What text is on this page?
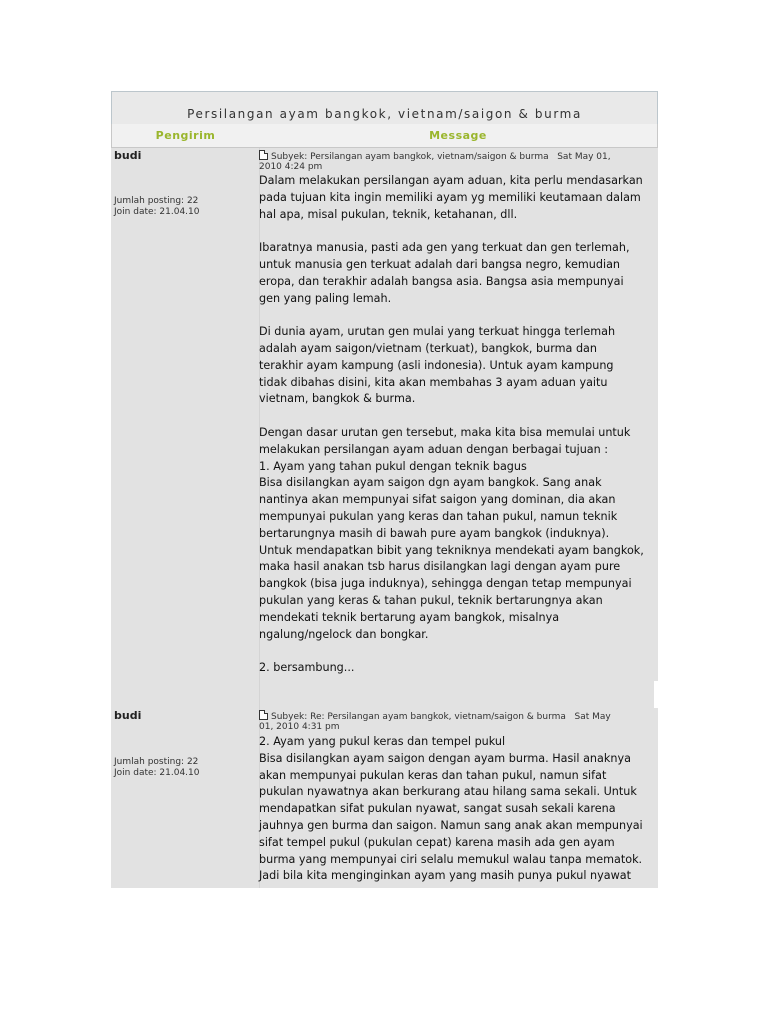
Persilangan ayam bangkok, vietnam/saigon & burma
Pengirim	Message
budi
Jumlah posting: 22
Join date: 21.04.10
Subyek: Persilangan ayam bangkok, vietnam/saigon & burma Sat May 01,
2010 4:24 pm

Dalam melakukan persilangan ayam aduan, kita perlu mendasarkan
pada tujuan kita ingin memiliki ayam yg memiliki keutamaan dalam
hal apa, misal pukulan, teknik, ketahanan, dll.

Ibaratnya manusia, pasti ada gen yang terkuat dan gen terlemah,
untuk manusia gen terkuat adalah dari bangsa negro, kemudian
eropa, dan terakhir adalah bangsa asia. Bangsa asia mempunyai
gen yang paling lemah.

Di dunia ayam, urutan gen mulai yang terkuat hingga terlemah
adalah ayam saigon/vietnam (terkuat), bangkok, burma dan
terakhir ayam kampung (asli indonesia). Untuk ayam kampung
tidak dibahas disini, kita akan membahas 3 ayam aduan yaitu
vietnam, bangkok & burma.

Dengan dasar urutan gen tersebut, maka kita bisa memulai untuk
melakukan persilangan ayam aduan dengan berbagai tujuan :
1. Ayam yang tahan pukul dengan teknik bagus
Bisa disilangkan ayam saigon dgn ayam bangkok. Sang anak
nantinya akan mempunyai sifat saigon yang dominan, dia akan
mempunyai pukulan yang keras dan tahan pukul, namun teknik
bertarungnya masih di bawah pure ayam bangkok (induknya).
Untuk mendapatkan bibit yang tekniknya mendekati ayam bangkok,
maka hasil anakan tsb harus disilangkan lagi dengan ayam pure
bangkok (bisa juga induknya), sehingga dengan tetap mempunyai
pukulan yang keras & tahan pukul, teknik bertarungnya akan
mendekati teknik bertarung ayam bangkok, misalnya
ngalung/ngelock dan bongkar.

2. bersambung...

budi
Jumlah posting: 22
Join date: 21.04.10
Subyek: Re: Persilangan ayam bangkok, vietnam/saigon & burma Sat May
01, 2010 4:31 pm

2. Ayam yang pukul keras dan tempel pukul
Bisa disilangkan ayam saigon dengan ayam burma. Hasil anaknya
akan mempunyai pukulan keras dan tahan pukul, namun sifat
pukulan nyawatnya akan berkurang atau hilang sama sekali. Untuk
mendapatkan sifat pukulan nyawat, sangat susah sekali karena
jauhnya gen burma dan saigon. Namun sang anak akan mempunyai
sifat tempel pukul (pukulan cepat) karena masih ada gen ayam
burma yang mempunyai ciri selalu memukul walau tanpa mematok.
Jadi bila kita menginginkan ayam yang masih punya pukul nyawat
